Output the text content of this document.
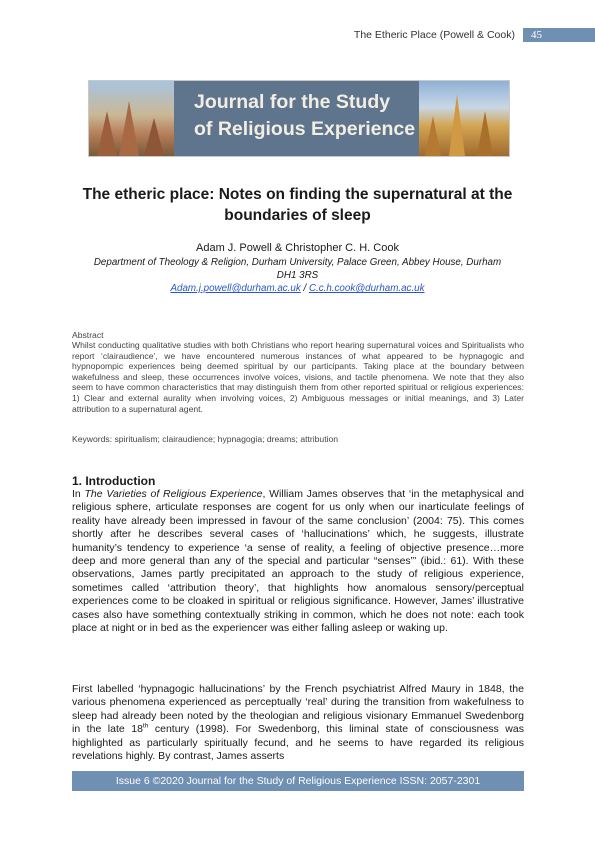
The Etheric Place (Powell & Cook)	45
Journal for the Study
of Religious Experience
The etheric place: Notes on finding the supernatural at the boundaries of sleep
Adam J. Powell & Christopher C. H. Cook
Department of Theology & Religion, Durham University, Palace Green, Abbey House, Durham DH1 3RS
Adam.j.powell@durham.ac.uk / C.c.h.cook@durham.ac.uk
Abstract
Whilst conducting qualitative studies with both Christians who report hearing supernatural voices and Spiritualists who report ‘clairaudience’, we have encountered numerous instances of what appeared to be hypnagogic and hypnopompic experiences being deemed spiritual by our participants. Taking place at the boundary between wakefulness and sleep, these occurrences involve voices, visions, and tactile phenomena. We note that they also seem to have common characteristics that may distinguish them from other reported spiritual or religious experiences: 1) Clear and external aurality when involving voices, 2) Ambiguous messages or initial meanings, and 3) Later attribution to a supernatural agent.
Keywords: spiritualism; clairaudience; hypnagogia; dreams; attribution
1. Introduction
In The Varieties of Religious Experience, William James observes that ‘in the metaphysical and religious sphere, articulate responses are cogent for us only when our inarticulate feelings of reality have already been impressed in favour of the same conclusion’ (2004: 75). This comes shortly after he describes several cases of ‘hallucinations’ which, he suggests, illustrate humanity’s tendency to experience ‘a sense of reality, a feeling of objective presence…more deep and more general than any of the special and particular “senses”’ (ibid.: 61). With these observations, James partly precipitated an approach to the study of religious experience, sometimes called ‘attribution theory’, that highlights how anomalous sensory/perceptual experiences come to be cloaked in spiritual or religious significance. However, James’ illustrative cases also have something contextually striking in common, which he does not note: each took place at night or in bed as the experiencer was either falling asleep or waking up.
First labelled ‘hypnagogic hallucinations’ by the French psychiatrist Alfred Maury in 1848, the various phenomena experienced as perceptually ‘real’ during the transition from wakefulness to sleep had already been noted by the theologian and religious visionary Emmanuel Swedenborg in the late 18th century (1998). For Swedenborg, this liminal state of consciousness was highlighted as particularly spiritually fecund, and he seems to have regarded its religious revelations highly. By contrast, James asserts
Issue 6 ©2020 Journal for the Study of Religious Experience ISSN: 2057-2301
